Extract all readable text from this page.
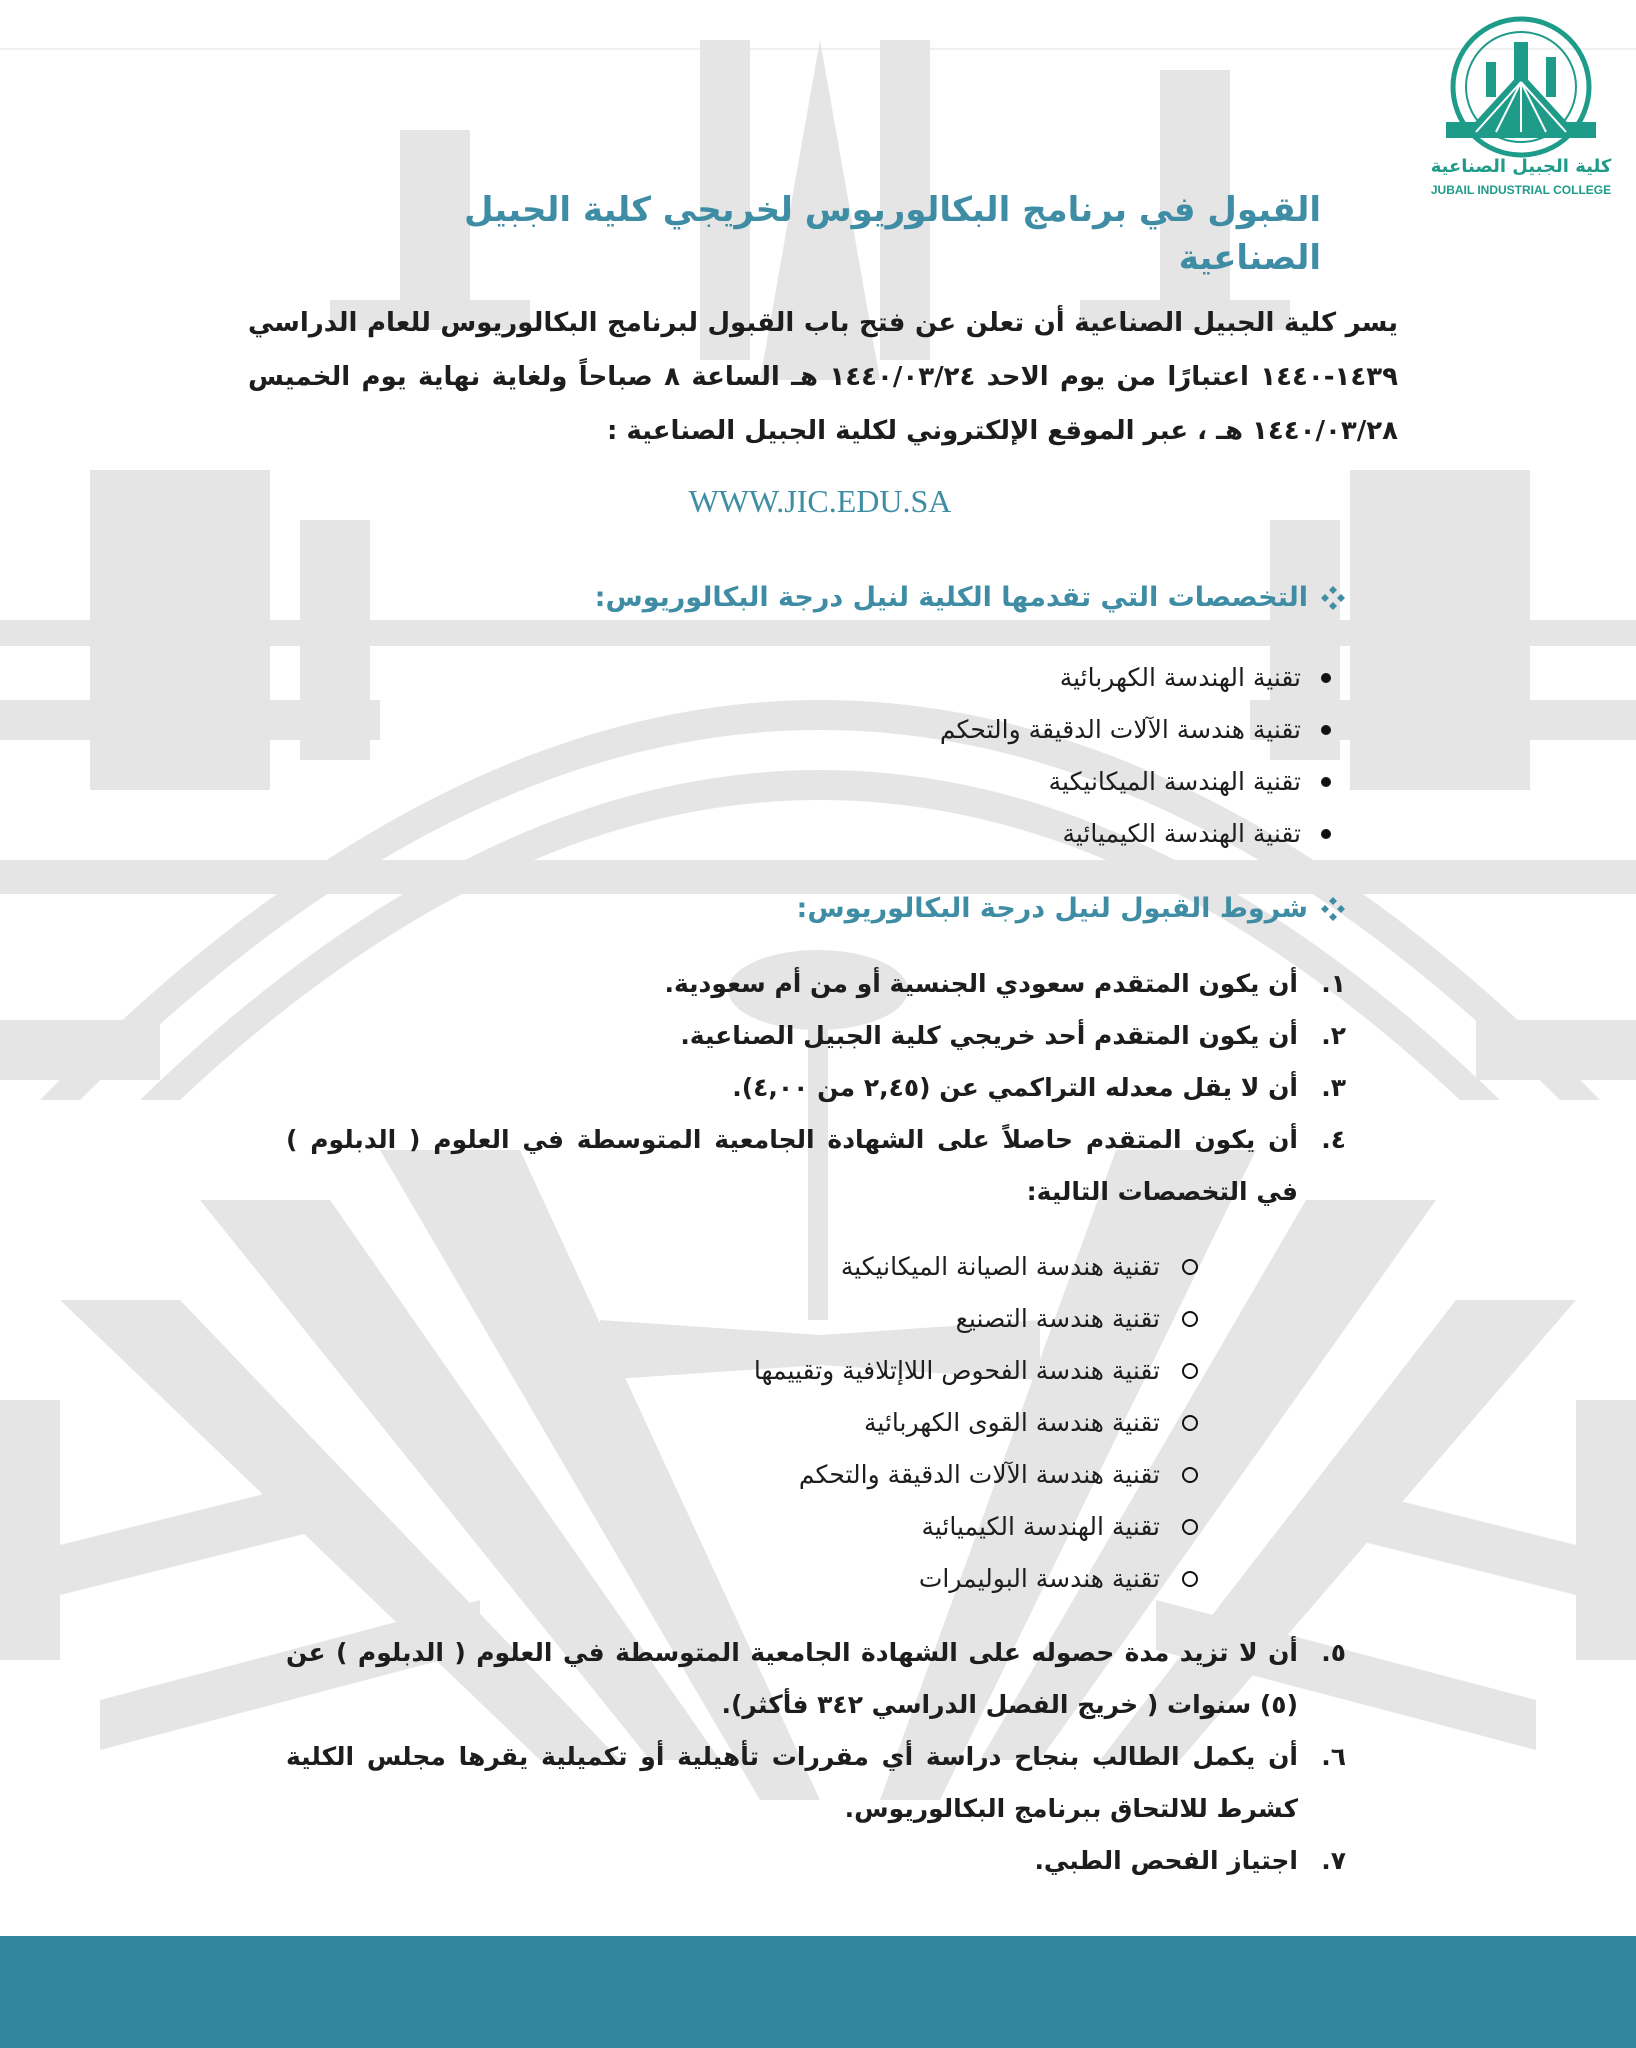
كلية الجبيل الصناعية
JUBAIL INDUSTRIAL COLLEGE
القبول في برنامج البكالوريوس لخريجي كلية الجبيل الصناعية

يسر كلية الجبيل الصناعية أن تعلن عن فتح باب القبول لبرنامج البكالوريوس للعام الدراسي ١٤٣٩-١٤٤٠ اعتبارًا من يوم الاحد ١٤٤٠/٠٣/٢٤ هـ الساعة ٨ صباحاً ولغاية نهاية يوم الخميس ١٤٤٠/٠٣/٢٨ هـ ، عبر الموقع الإلكتروني لكلية الجبيل الصناعية :

WWW.JIC.EDU.SA
التخصصات التي تقدمها الكلية لنيل درجة البكالوريوس:
تقنية الهندسة الكهربائية
تقنية هندسة الآلات الدقيقة والتحكم
تقنية الهندسة الميكانيكية
تقنية الهندسة الكيميائية
شروط القبول لنيل درجة البكالوريوس:
١.
أن يكون المتقدم سعودي الجنسية أو من أم سعودية.
٢.
أن يكون المتقدم أحد خريجي كلية الجبيل الصناعية.
٣.
أن لا يقل معدله التراكمي عن (٢,٤٥ من ٤,٠٠).
٤.
أن يكون المتقدم حاصلاً على الشهادة الجامعية المتوسطة في العلوم ( الدبلوم ) في التخصصات التالية:
تقنية هندسة الصيانة الميكانيكية
تقنية هندسة التصنيع
تقنية هندسة الفحوص اللاإتلافية وتقييمها
تقنية هندسة القوى الكهربائية
تقنية هندسة الآلات الدقيقة والتحكم
تقنية الهندسة الكيميائية
تقنية هندسة البوليمرات
٥.
أن لا تزيد مدة حصوله على الشهادة الجامعية المتوسطة في العلوم ( الدبلوم ) عن (٥) سنوات ( خريج الفصل الدراسي ٣٤٢ فأكثر).
٦.
أن يكمل الطالب بنجاح دراسة أي مقررات تأهيلية أو تكميلية يقرها مجلس الكلية كشرط للالتحاق ببرنامج البكالوريوس.
٧.
اجتياز الفحص الطبي.
